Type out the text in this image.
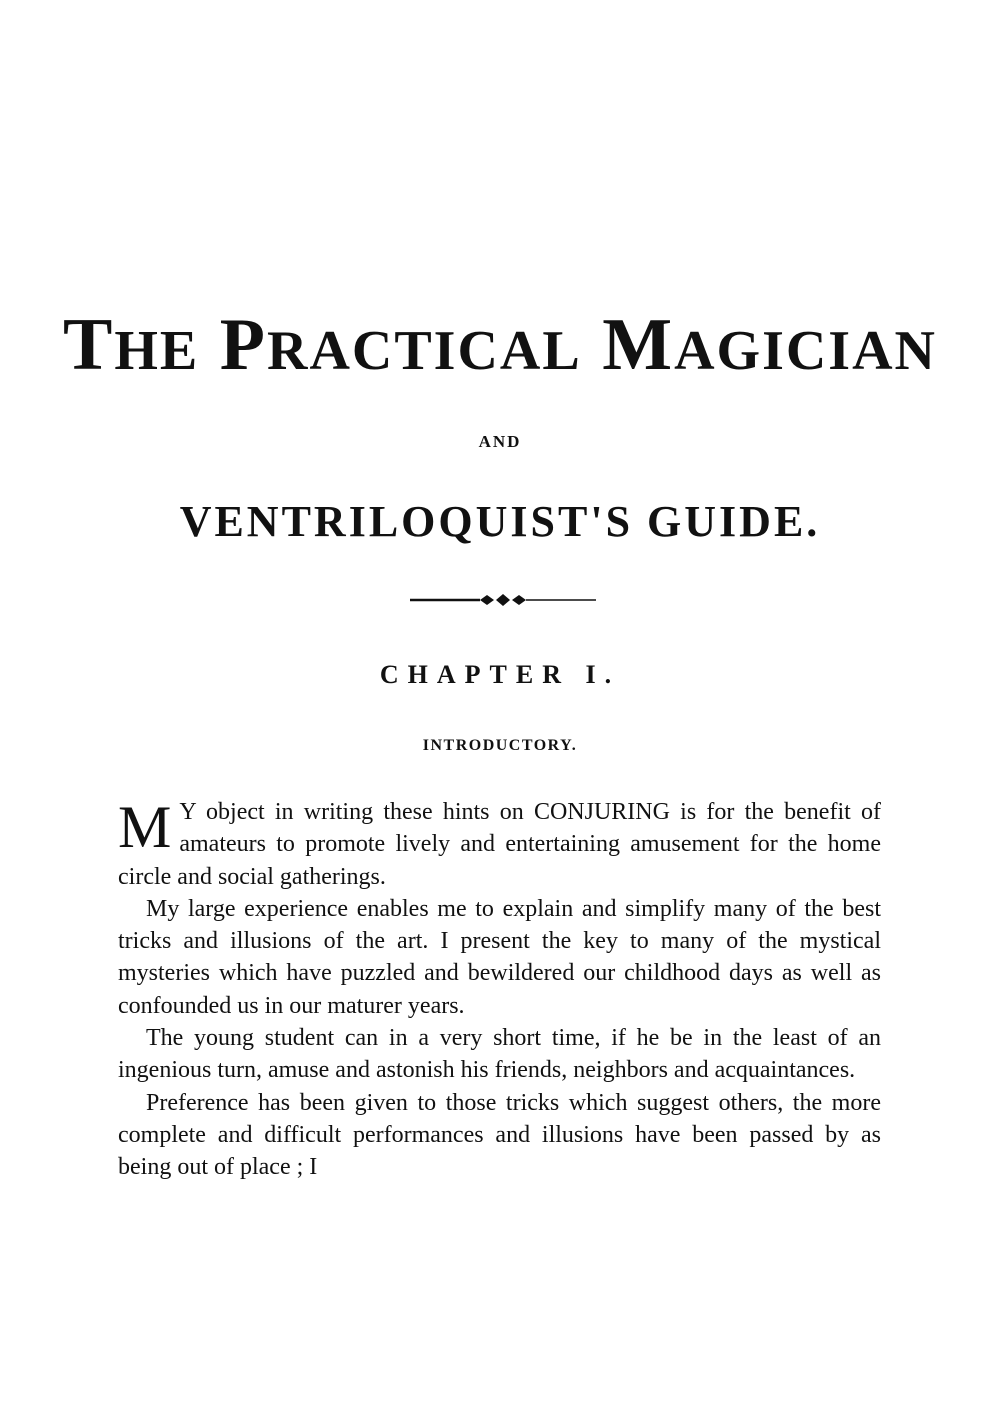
THE PRACTICAL MAGICIAN
AND
VENTRILOQUIST'S GUIDE.
CHAPTER I.
INTRODUCTORY.

M Y object in writing these hints on CONJURING is for the benefit of amateurs to promote lively and entertaining amusement for the home circle and social gatherings.

My large experience enables me to explain and simplify many of the best tricks and illusions of the art. I present the key to many of the mystical mysteries which have puzzled and bewildered our childhood days as well as confounded us in our maturer years.

The young student can in a very short time, if he be in the least of an ingenious turn, amuse and astonish his friends, neighbors and acquaintances.

Preference has been given to those tricks which suggest others, the more complete and difficult performances and illusions have been passed by as being out of place ; I
